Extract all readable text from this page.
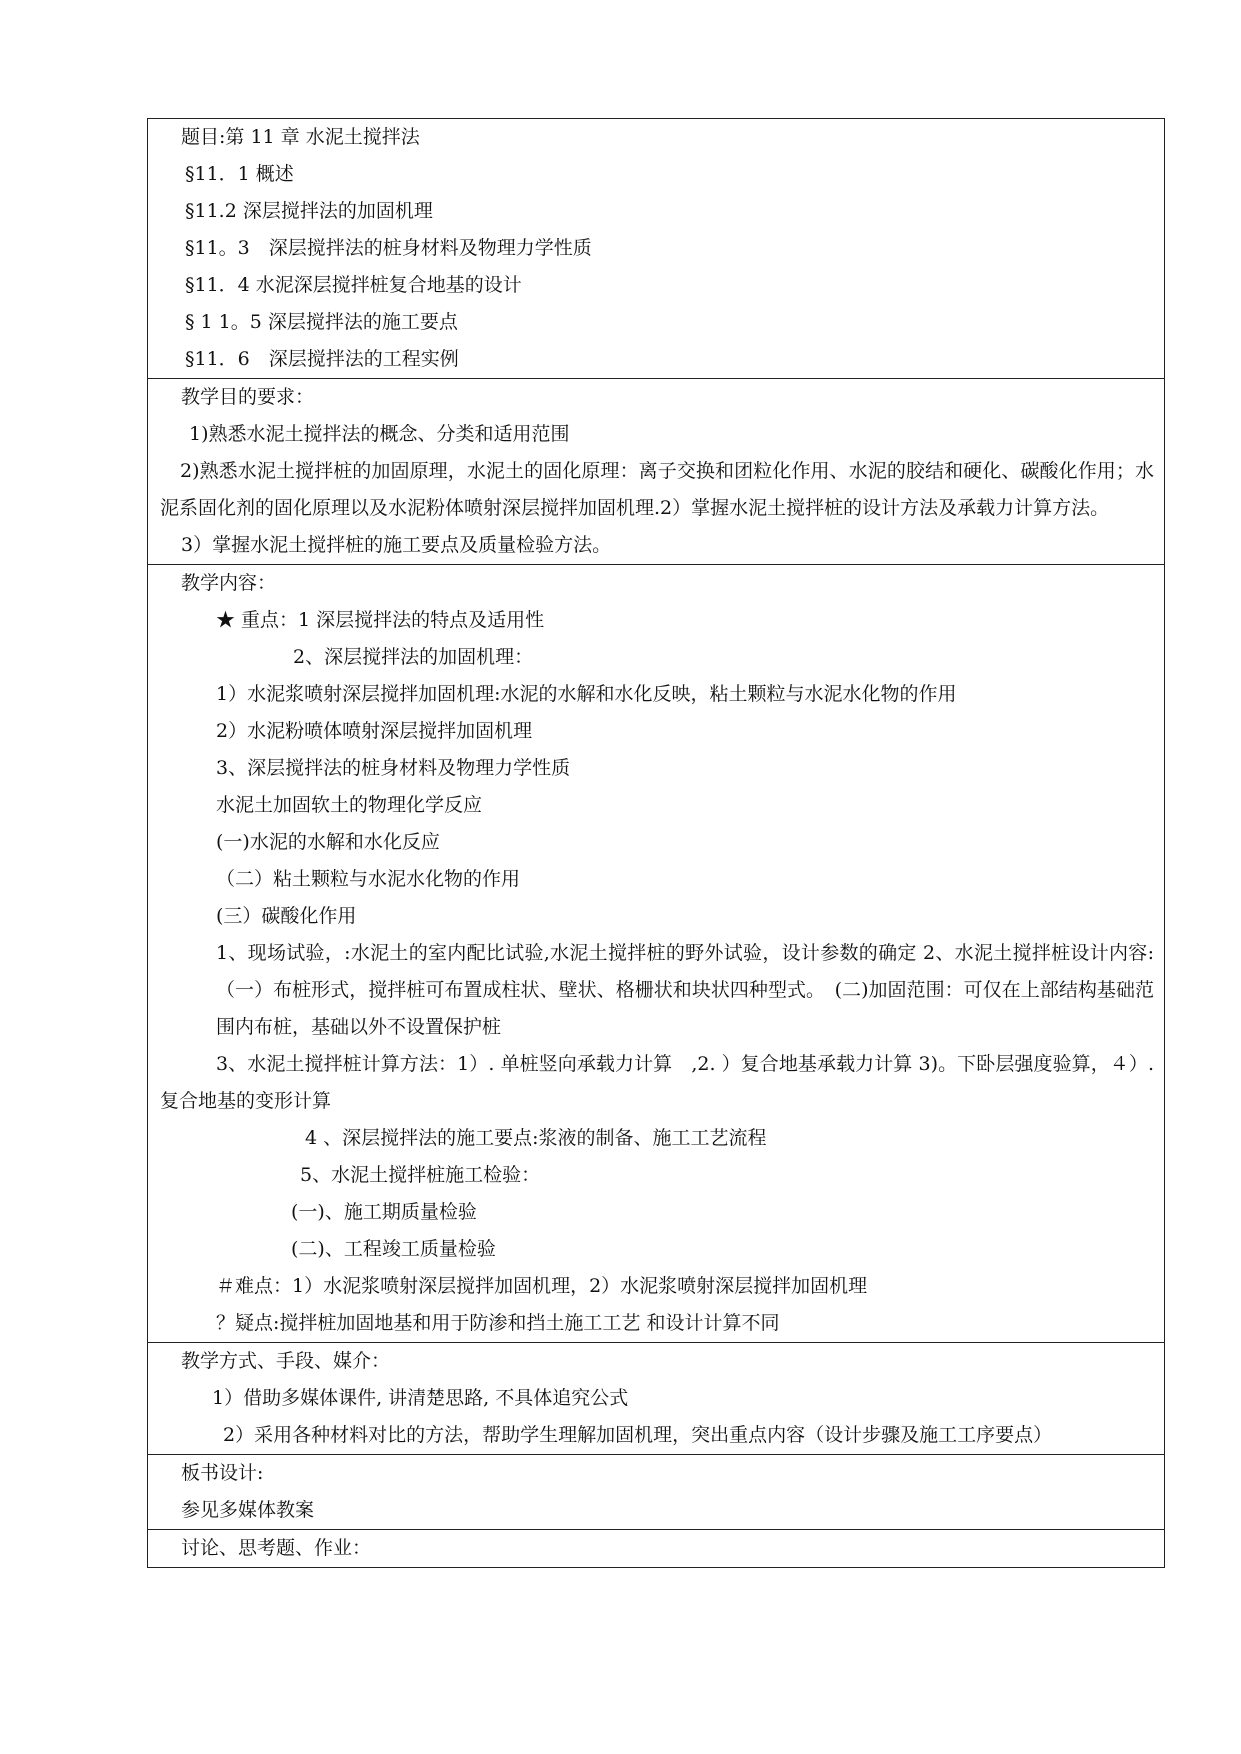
题目:第 11 章 水泥土搅拌法
§11．1 概述
§11.2 深层搅拌法的加固机理
§11。3　深层搅拌法的桩身材料及物理力学性质
§11．4 水泥深层搅拌桩复合地基的设计
§ 1 1。5 深层搅拌法的施工要点
§11．6　深层搅拌法的工程实例
教学目的要求：
1)熟悉水泥土搅拌法的概念、分类和适用范围
2)熟悉水泥土搅拌桩的加固原理，水泥土的固化原理：离子交换和团粒化作用、水泥的胶结和硬化、碳酸化作用；水泥系固化剂的固化原理以及水泥粉体喷射深层搅拌加固机理.2）掌握水泥土搅拌桩的设计方法及承载力计算方法。
3）掌握水泥土搅拌桩的施工要点及质量检验方法。
教学内容：
★ 重点：1 深层搅拌法的特点及适用性
2、深层搅拌法的加固机理：
1）水泥浆喷射深层搅拌加固机理:水泥的水解和水化反映，粘土颗粒与水泥水化物的作用
2）水泥粉喷体喷射深层搅拌加固机理
3、深层搅拌法的桩身材料及物理力学性质
水泥土加固软土的物理化学反应
(一)水泥的水解和水化反应
（二）粘土颗粒与水泥水化物的作用
(三）碳酸化作用
1、现场试验，:水泥土的室内配比试验,水泥土搅拌桩的野外试验，设计参数的确定 2、水泥土搅拌桩设计内容:（一）布桩形式，搅拌桩可布置成柱状、壁状、格栅状和块状四种型式。　(二)加固范围：可仅在上部结构基础范围内布桩，基础以外不设置保护桩
3、水泥土搅拌桩计算方法：1）. 单桩竖向承载力计算　,2. ）复合地基承载力计算 3)。下卧层强度验算，４）. 复合地基的变形计算
4 、深层搅拌法的施工要点:浆液的制备、施工工艺流程
5、水泥土搅拌桩施工检验：
(一)、施工期质量检验
(二)、工程竣工质量检验
＃难点：1）水泥浆喷射深层搅拌加固机理，2）水泥浆喷射深层搅拌加固机理
？疑点:搅拌桩加固地基和用于防渗和挡土施工工艺 和设计计算不同
教学方式、手段、媒介：
1）借助多媒体课件, 讲清楚思路, 不具体追究公式
2）采用各种材料对比的方法，帮助学生理解加固机理，突出重点内容（设计步骤及施工工序要点）
板书设计:
参见多媒体教案
讨论、思考题、作业：
